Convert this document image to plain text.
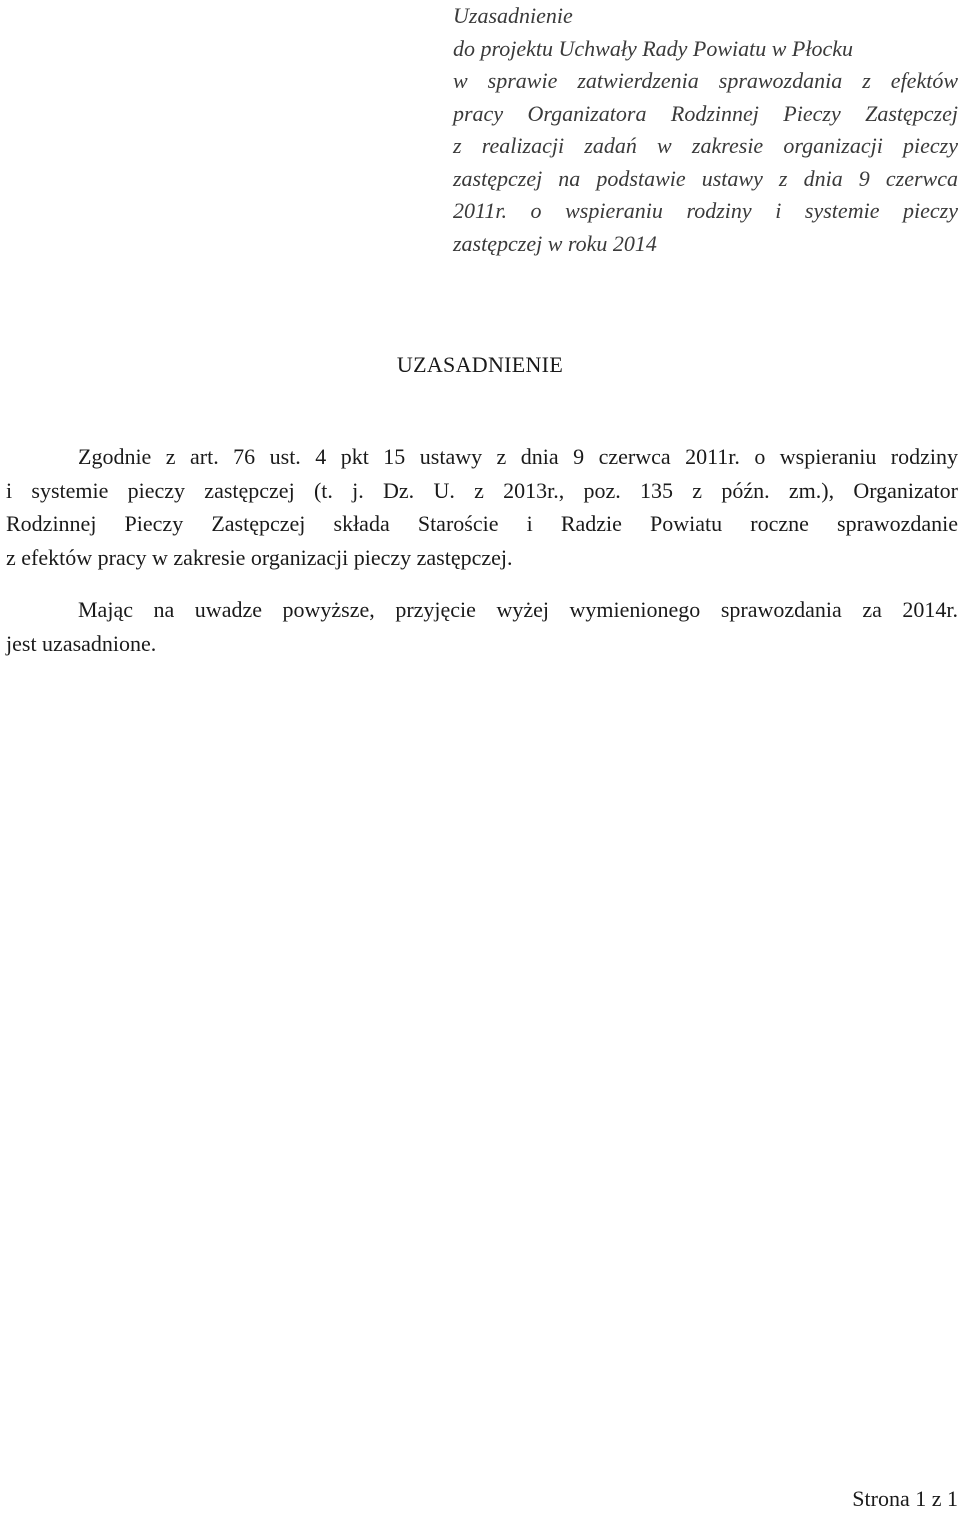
Uzasadnienie
do projektu Uchwały Rady Powiatu w Płocku
w sprawie zatwierdzenia sprawozdania z efektów
pracy Organizatora Rodzinnej Pieczy Zastępczej
z realizacji zadań w zakresie organizacji pieczy
zastępczej na podstawie ustawy z dnia 9 czerwca
2011r. o wspieraniu rodziny i systemie pieczy
zastępczej w roku 2014
UZASADNIENIE
Zgodnie z art. 76 ust. 4 pkt 15 ustawy z dnia 9 czerwca 2011r. o wspieraniu rodziny
i systemie pieczy zastępczej (t. j. Dz. U. z 2013r., poz. 135 z późn. zm.), Organizator
Rodzinnej Pieczy Zastępczej składa Staroście i Radzie Powiatu roczne sprawozdanie
z efektów pracy w zakresie organizacji pieczy zastępczej.
Mając na uwadze powyższe, przyjęcie wyżej wymienionego sprawozdania za 2014r.
jest uzasadnione.
Strona 1 z 1
